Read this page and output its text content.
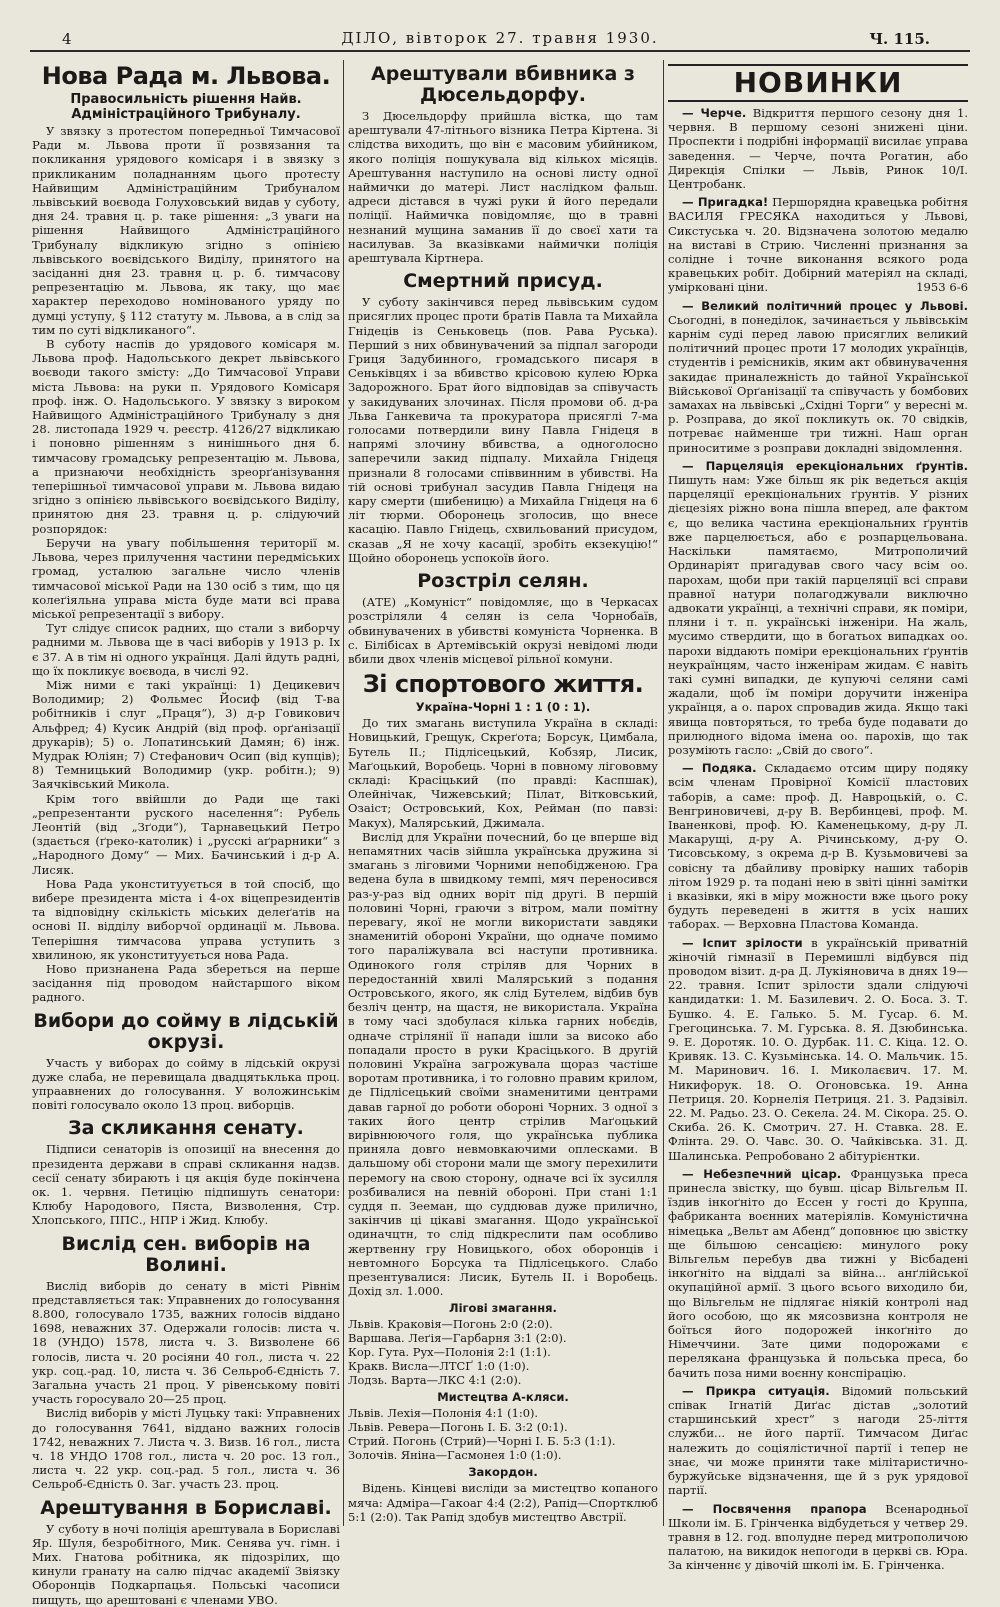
4	ДІЛО, вівторок 27. травня 1930.	Ч. 115.
Нова Рада м. Львова.
Правосильність рішення Найв. Адміністраційного Трибуналу.

У звязку з протестом попередньої Тимчасової Ради м. Львова проти її розвязання та покликання урядового комісаря і в звязку з прикликаним поладнанням цього протесту Найвищим Адміністраційним Трибуналом львівський воєвода Голуховський видав у суботу, дня 24. травня ц. р. таке рішення: „З уваги на рішення Найвищого Адміністраційного Трибуналу відкликую згідно з опінією львівського воєвідського Виділу, принятого на засіданні дня 23. травня ц. р. б. тимчасову репрезентацію м. Львова, як таку, що має характер переходово номінованого уряду по думці уступу, § 112 статуту м. Львова, а в слід за тим по суті відкликаного“.

В суботу наспів до урядового комісаря м. Львова проф. Надольського декрет львівського воєводи такого змісту: „До Тимчасової Управи міста Львова: на руки п. Урядового Комісаря проф. інж. О. Надольського. У звязку з вироком Найвищого Адміністраційного Трибуналу з дня 28. листопада 1929 ч. реєстр. 4126/27 відкликаю і поновно рішенням з нинішнього дня б. тимчасову громадську репрезентацію м. Львова, а признаючи необхідність зреорґанізування теперішньої тимчасової управи м. Львова видаю згідно з опінією львівського воєвідського Виділу, принятою дня 23. травня ц. р. слідуючий розпорядок:

Беручи на увагу побільшення території м. Львова, через прилучення частини передміських громад, усталюю загальне число членів тимчасової міської Ради на 130 осіб з тим, що ця колеґіяльна управа міста буде мати всі права міської репрезентації з вибору.

Тут слідує список радних, що стали з виборчу радними м. Львова ще в часі виборів у 1913 р. Іх є 37. А в тім ні одного українця. Далі йдуть радні, що їх покликує воєвода, в числі 92.

Між ними є такі українці: 1) Децикевич Володимир; 2) Фольмес Йосиф (від Т-ва робітників і слуг „Праця“), 3) д-р Говикович Альфред; 4) Кусик Андрій (від проф. орґанізації друкарів); 5) о. Лопатинський Дамян; 6) інж. Мудрак Юліян; 7) Стефанович Осип (від купців); 8) Темницький Володимир (укр. робітн.); 9) Заячківський Микола.

Крім того ввійшли до Ради ще такі „репрезентанти руского населення“: Рубель Леонтій (від „Зґоди“), Тарнавецький Петро (здається (ґреко-католик) і „русскі аґрарники“ з „Народного Дому“ — Мих. Бачинський і д-р А. Лисяк.

Нова Рада уконституується в той спосіб, що вибере президента міста і 4-ох віцепрезидентів та відповідну скількість міських делеґатів на основі II. відділу виборчої ординації м. Львова. Теперішня тимчасова управа уступить з хвилиною, як уконституується нова Рада.

Ново признанена Рада збереться на перше засідання під проводом найстаршого віком радного.

Вибори до сойму в лідській окрузі.

Участь у виборах до сойму в лідській окрузі дуже слаба, не перевищала двадцятьклька проц. упраавнених до голосування. У воложинськім повіті голосувало около 13 проц. виборців.

За скликання сенату.

Підписи сенаторів із опозиції на внесення до президента держави в справі скликання надзв. сесії сенату збирають і ця акція буде покінчена ок. 1. червня. Петицію підпишуть сенатори: Клюбу Народового, Пяста, Визволення, Стр. Хлопського, ППС., НПР і Жид. Клюбу.

Вислід сен. виборів на Волині.

Вислід виборів до сенату в місті Рівнім представляється так: Управнених до голосування 8.800, голосувало 1735, важних голосів віддано 1698, неважних 37. Одержали голосів: листа ч. 18 (УНДО) 1578, листа ч. 3. Визволене 66 голосів, листа ч. 20 росіяни 40 гол., листа ч. 22 укр. соц.-рад. 10, листа ч. 36 Сельроб-Єдність 7. Загальна участь 21 проц. У рівенському повіті участь горосувало 20—25 проц.

Вислід виборів у місті Луцьку такі: Управнених до голосування 7641, віддано важних голосів 1742, неважних 7. Листа ч. 3. Визв. 16 гол., листа ч. 18 УНДО 1708 гол., листа ч. 20 рос. 13 гол., листа ч. 22 укр. соц.-рад. 5 гол., листа ч. 36 Сельроб-Єдність 0. Заг. участь 23. проц.

Арештування в Бориславі.

У суботу в ночі поліція арештувала в Бориславі Яр. Шуля, безробітного, Мик. Сенява уч. гімн. і Мих. Гнатова робітника, як підозрілих, що кинули гранату на салю підчас академії Звіязку Оборонців Подкарпацья. Польські часописи пищуть, що арештовані є членами УВО.

Арештували вбивника з Дюсельдорфу.

З Дюсельдорфу прийшла вістка, що там арештували 47-літнього візника Петра Кіртена. Зі слідства виходить, що він є масовим убийником, якого поліція пошукувала від кількох місяців. Арештування наступило на основі листу одної наймички до матері. Лист наслідком фальш. адреси дістався в чужі руки й його передали поліції. Наймичка повідомляє, що в травні незнаний мущина заманив її до своєї хати та насилував. За вказівками наймички поліція арештувала Кіртнера.

Смертний присуд.

У суботу закінчився перед львівським судом присяглих процес проти братів Павла та Михайла Гнідеців із Сеньковець (пов. Рава Руська). Перший з них обвинувачений за підпал загороди Гриця Задубинного, громадського писаря в Сеньківцях і за вбивство крісовою кулею Юрка Задорожного. Брат його відповідав за співучасть у закидуваних злочинах. Після промови об. д-ра Льва Ганкевича та прокуратора присяглі 7-ма голосами потвердили вину Павла Гнідеця в напрямі злочину вбивства, а одноголосно заперечили закид підпалу. Михайла Гнідеця признали 8 голосами співвинним в убивстві. На тій основі трибунал засудив Павла Гнідеця на кару смерти (шибеницю) а Михайла Гнідеця на 6 літ тюрми. Оборонець зголосив, що внесе касацію. Павло Гнідець, схвильований присудом, сказав „Я не хочу касації, зробіть екзекуцію!“ Щойно оборонець успокоїв його.

Розстріл селян.

(АТЕ) „Комуніст“ повідомляє, що в Черкасах розстріляли 4 селян із села Чорнобаїв, обвинувачених в убивстві комуніста Чорненка. В с. Білібісах в Артемівській окрузі невідомі люди вбили двох членів місцевої рільної комуни.

Зі спортового життя.
Україна-Чорні 1 : 1 (0 : 1).

До тих змагань виступила Україна в складі: Новицький, Грещук, Скреґота; Борсук, Цимбала, Бутель II.; Підлісецький, Кобзяр, Лисик, Маґоцький, Воробець. Чорні в повному лігововму складі: Красіцький (по правді: Каспшак), Олейнічак, Чижевський; Пілат, Вітковський, Озаіст; Островський, Кох, Рейман (по павзі: Макух), Малярський, Джимала.

Вислід для України почесний, бо це вперше від непамятних часів зійшла українська дружина зі змагань з ліговими Чорними непобідженою. Гра ведена була в швидкому темпі, мяч переносився раз-у-раз від одних воріт під другі. В першій половині Чорні, граючи з вітром, мали помітну перевагу, якої не могли використати завдяки знаменитій обороні України, що одначе помимо того параліжувала всі наступи противника. Одинокого голя стріляв для Чорних в передостанній хвилі Малярський з подання Островського, якого, як слід Бутелем, відбив був безліч центр, на щастя, не використала. Україна в тому часі здобулася кілька гарних нобєдів, одначе стрілянії її напади ішли за високо або попадали просто в руки Красіцького. В другій половині Україна загрожувала щораз частіше воротам противника, і то головно правим крилом, де Підлісецький своїми знаменитими центрами давав гарної до роботи обороні Чорних. З одної з таких його центр стрілив Маґоцький вирівнюючого голя, що українська публика приняла довго невмовкаючими оплесками. В дальшому обі сторони мали ще змогу перехилити перемогу на свою сторону, одначе всі їх зусилля розбивалися на певній обороні. При стані 1:1 суддя п. Зееман, що суддював дуже прилично, закінчив ці цікаві змагання. Щодо української одиначцтн, то слід підкреслити пам особливо жертвенну гру Новицького, обох оборонців і невтомного Борсука та Підлісецького. Слабо презентувалися: Лисик, Бутель II. і Воробець. Дохід зл. 1.000.

Лігові змагання.

Львів. Краковія—Погонь 2:0 (2:0).

Варшава. Леґія—Гарбарня 3:1 (2:0).

Кор. Гута. Рух—Полонія 2:1 (1:1).

Кракв. Висла—ЛТСҐ 1:0 (1:0).

Лодзь. Варта—ЛКС 4:1 (2:0).

Мистецтва А-кляси.

Львів. Лехія—Полонія 4:1 (1:0).

Львів. Ревера—Погонь І. Б. 3:2 (0:1).

Стрий. Погонь (Стрий)—Чорні І. Б. 5:3 (1:1).

Золочів. Яніна—Гасмонея 1:0 (1:0).

Закордон.

Відень. Кінцеві висліди за мистецтво копаного мяча: Адміра—Гакоаг 4:4 (2:2), Рапід—Спортклюб 5:1 (2:0). Так Рапід здобув мистецтво Австрії.

НОВИНКИ

— Черче. Відкриття першого сезону дня 1. червня. В першому сезоні знижені ціни. Проспекти і подрібні інформації висилає управа заведення. — Черче, почта Рогатин, або Дирекція Спілки — Львів, Ринок 10/I. Центробанк.

— Пригадка! Першорядна кравецька робітня ВАСИЛЯ ГРЕСЯКА находиться у Львові, Сикстуська ч. 20. Відзначена золотою медалю на виставі в Стрию. Численні признання за солідне і точне виконання всякого рода кравецьких робіт. Добірний матеріял на складі, умірковані ціни.	1953 6-6

— Великий політичний процес у Львові. Сьогодні, в понеділок, зачинається у львівськім карнім суді перед лавою присяглих великий політичний процес проти 17 молодих українців, студентів і ремісників, яким акт обвинувачення закидає приналежність до тайної Української Військової Орґанізації та співучасть у бомбових замахах на львівські „Східні Торги“ у вересні м. р. Розправа, до якої покликуть ок. 70 свідків, потреває найменше три тижні. Наш орган приноситиме з розправи докладні звідомлення.

— Парцеляція ерекціональних ґрунтів. Пишуть нам: Уже більш як рік ведеться акція парцеляції ерекціональних ґрунтів. У різних дієцезіях ріжно вона пішла вперед, але фактом є, що велика частина ерекціональних ґрунтів вже парцелюється, або є розпарцельована. Наскільки памятаємо, Митрополичий Ординаріят пригадував свого часу всім оо. парохам, щоби при такій парцеляції всі справи правної натури полагоджували виключно адвокати українці, а технічні справи, як поміри, пляни і т. п. українські інженіри. На жаль, мусимо ствердити, що в богатьох випадках оо. парохи віддають поміри ерекціональних ґрунтів неукраїнцям, часто інженірам жидам. Є навіть такі сумні випадки, де купуючі селяни самі жадали, щоб їм поміри доручити інженіра українця, а о. парох спровадив жида. Якщо такі явища повторяться, то треба буде подавати до прилюдного відома імена оо. парохів, що так розуміють гасло: „Свій до свого“.

— Подяка. Складаємо отсим щиру подяку всім членам Провірної Комісії пластових таборів, а саме: проф. Д. Навроцькій, о. С. Венгриновичеві, д-ру В. Вербинцеві, проф. М. Іваненкові, проф. Ю. Каменецькому, д-ру Л. Макарущі, д-ру А. Річинському, д-ру О. Тисовському, з окрема д-р В. Кузьмовичеві за совісну та дбайливу провірку наших таборів літом 1929 р. та подані нею в звіті цінні замітки і вказівки, які в міру можности вже цього року будуть переведені в життя в усіх наших таборах. — Верховна Пластова Команда.

— Іспит зрілости в українській приватній жіночій гімназії в Перемишлі відбувся під проводом візит. д-ра Д. Лукіяновича в днях 19—22. травня. Іспит зрілости здали слідуючі кандидатки: 1. М. Базилевич. 2. О. Боса. 3. Т. Бушко. 4. Е. Галько. 5. М. Гусар. 6. М. Грегоцинська. 7. М. Гурська. 8. Я. Дзюбинська. 9. Е. Доротяк. 10. О. Дурбак. 11. С. Кіца. 12. О. Кривяк. 13. С. Кузьмінська. 14. О. Мальчик. 15. М. Маринович. 16. І. Миколаєвич. 17. М. Никифорук. 18. О. Огоновська. 19. Анна Петриця. 20. Корнелія Петриця. 21. З. Радзівіл. 22. М. Радьо. 23. О. Секела. 24. М. Сікора. 25. О. Скиба. 26. К. Смотрич. 27. Н. Ставка. 28. Е. Флінта. 29. О. Чавс. 30. О. Чайківська. 31. Д. Шалинська. Репробовано 2 абітурієнтки.

— Небезпечний цісар. Французька преса принесла звістку, що бувш. цісар Вільгельм II. їздив інкоґніто до Ессен у гості до Круппа, фабриканта воєнних матеріялів. Комуністична німецька „Вельт ам Абенд“ доповнює цю звістку ще більшою сенсацією: минулого року Вільгельм перебув два тижні у Вісбадені інкоґніто на віддалі за війна... анґлійської окупаційної армії. З цього всього виходило би, що Вільгельм не підлягає ніякій контролі над його особою, що як мясозвизна контроля не боїться його подорожей інкоґніто до Німеччини. Зате цими подорожами є перелякана французька й польська преса, бо бачить поза ними воєнну конспірацію.

— Прикра ситуація. Відомий польський співак Ігнатій Диґас дістав „золотий старшинський хрест“ з нагоди 25-ліття служби... не його партії. Тимчасом Диґас належить до соціялістичної партії і тепер не знає, чи може приняти таке мілітаристично-буржуйське відзначення, ще й з рук урядової партії.

— Посвячення прапора Всенародньої Школи ім. Б. Грінченка відбудеться у четвер 29. травня в 12. год. вполудне перед митрополичою палатою, на викидок непогоди в церкві св. Юра. За кінченнє у дівочій школі ім. Б. Грінченка.
